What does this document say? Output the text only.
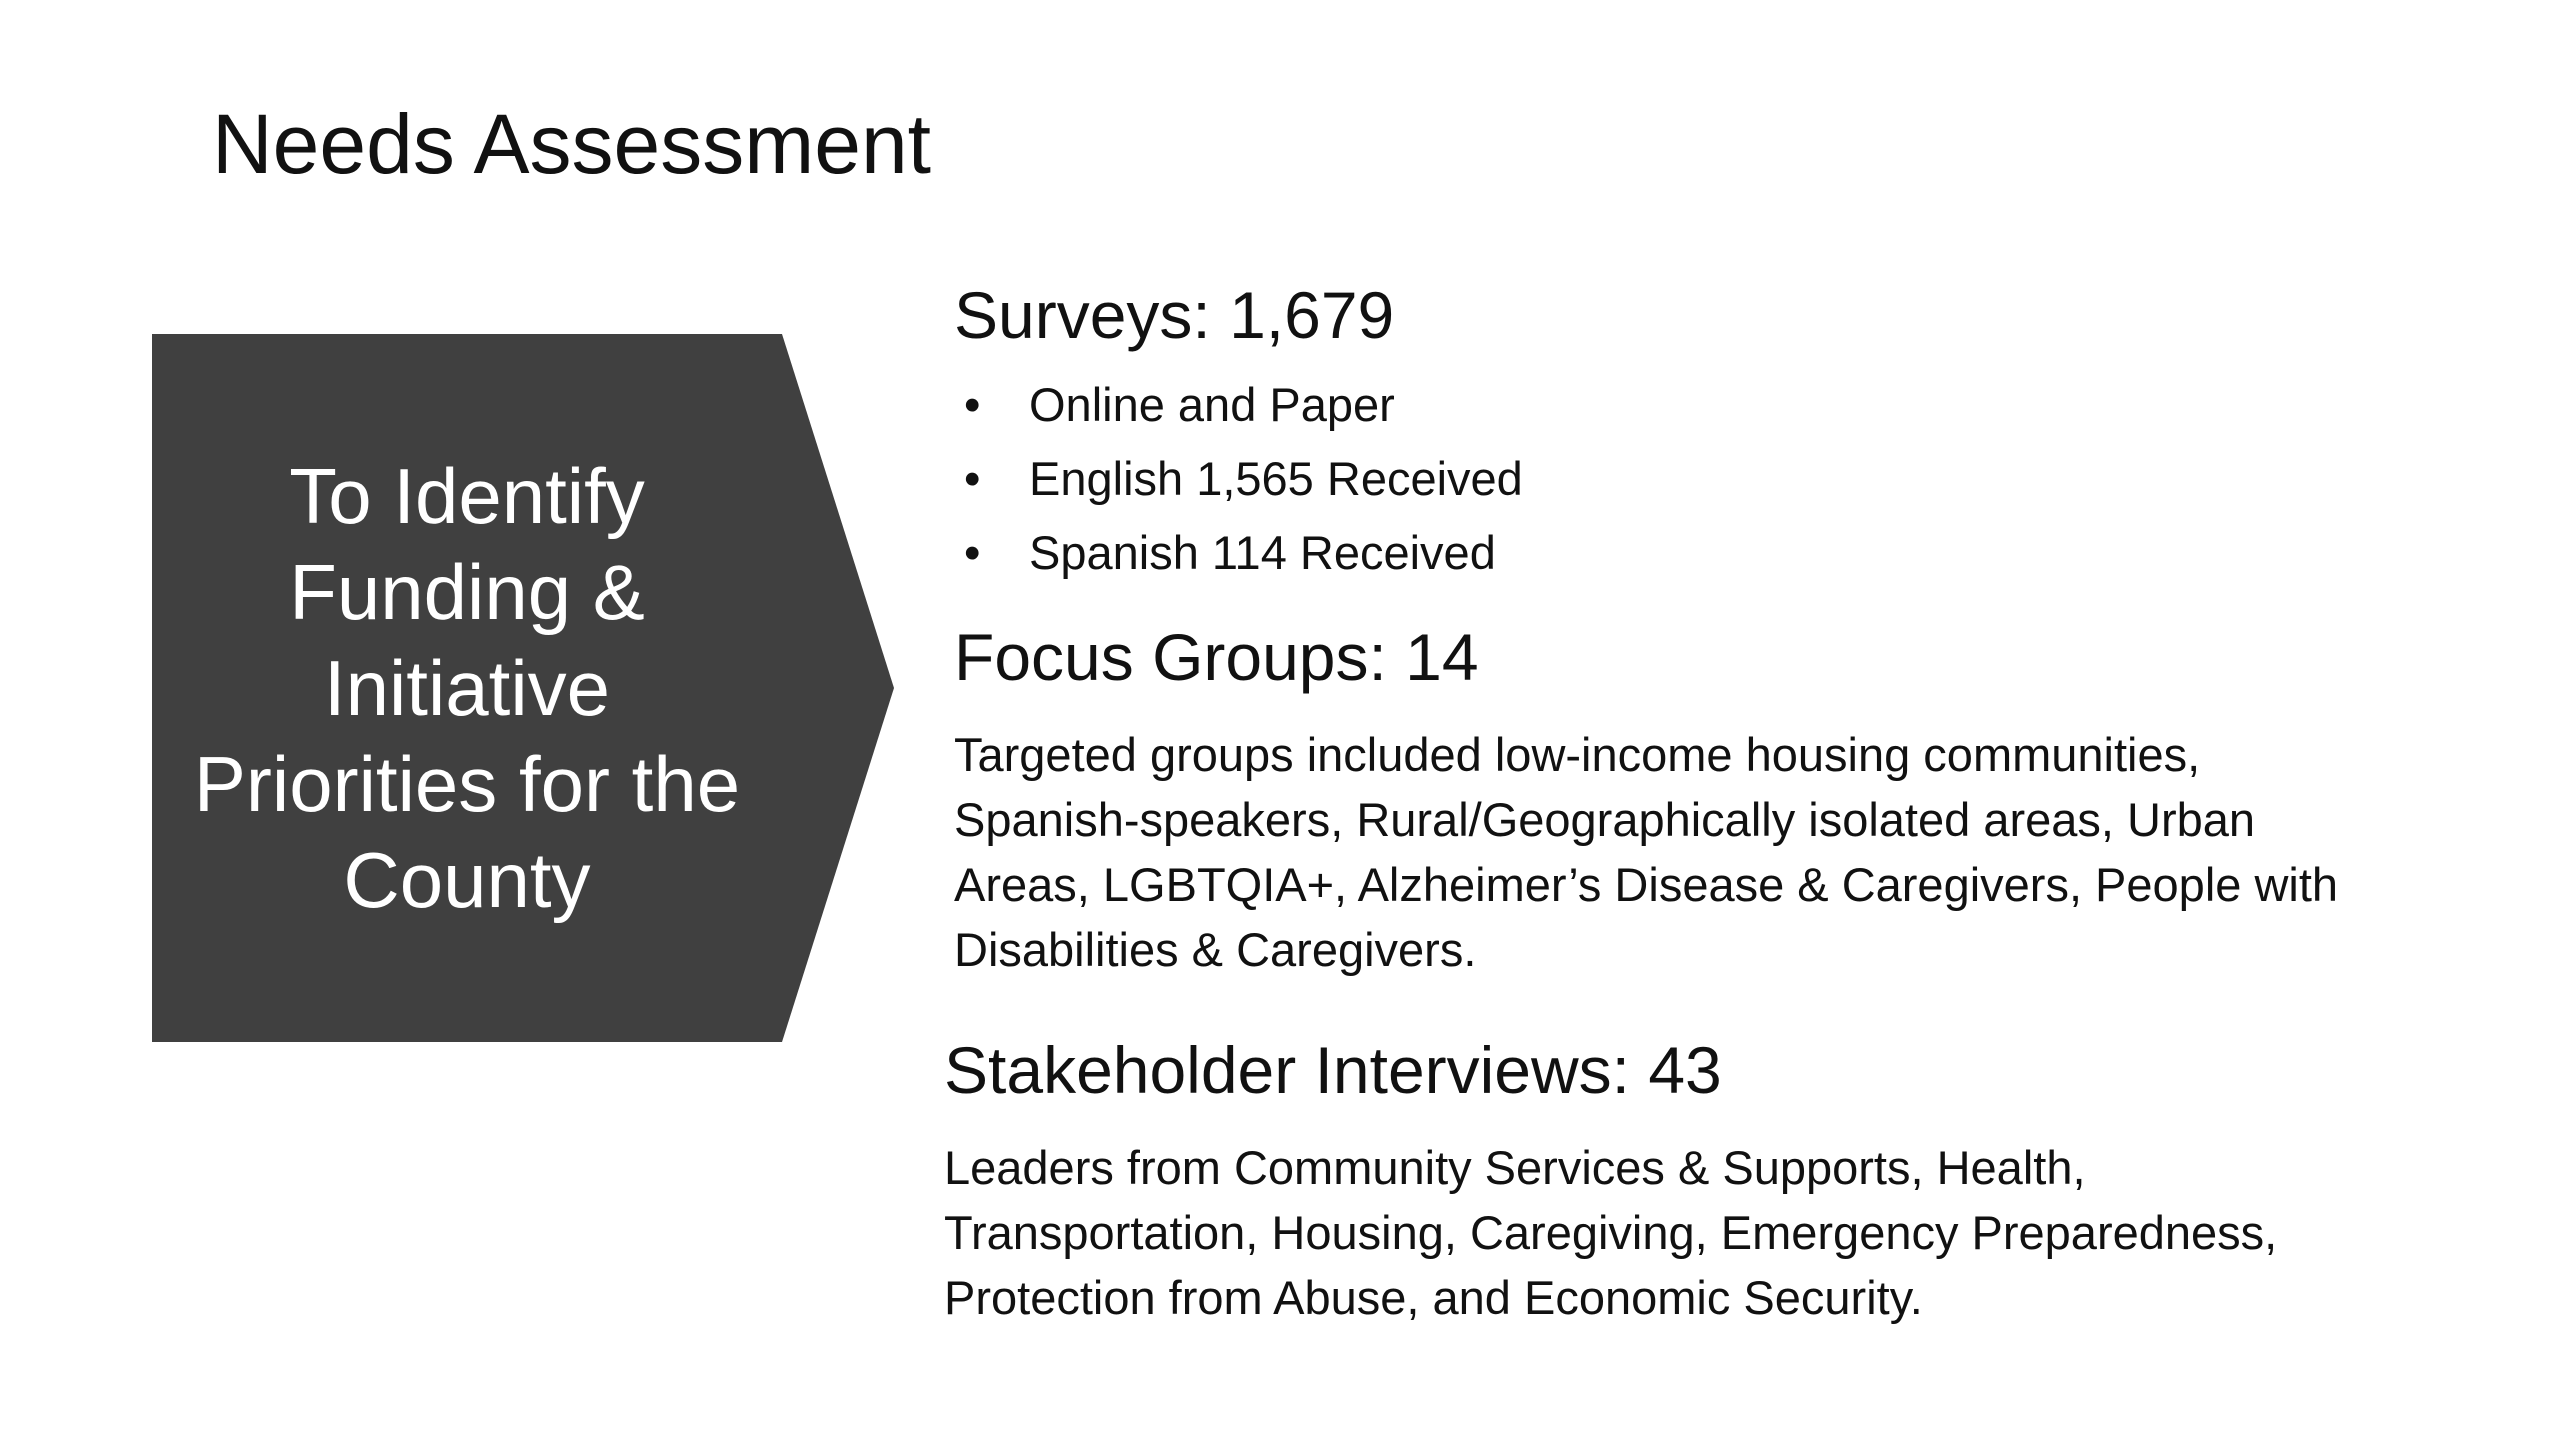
Needs Assessment
To Identify Funding & Initiative Priorities for the County
Surveys: 1,679
• Online and Paper
• English 1,565 Received
• Spanish 114 Received
Focus Groups: 14

Targeted groups included low-income housing communities, Spanish-speakers, Rural/Geographically isolated areas, Urban Areas, LGBTQIA+, Alzheimer’s Disease & Caregivers, People with Disabilities & Caregivers.

Stakeholder Interviews: 43

Leaders from Community Services & Supports, Health, Transportation, Housing, Caregiving, Emergency Preparedness, Protection from Abuse, and Economic Security.
